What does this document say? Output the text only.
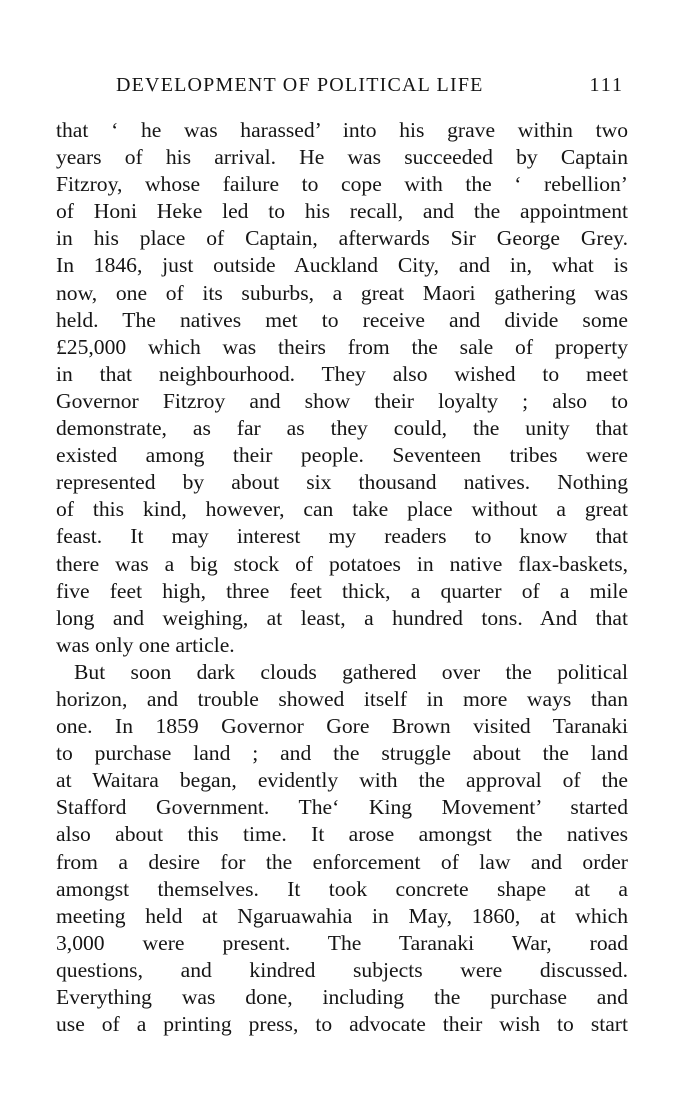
DEVELOPMENT OF POLITICAL LIFE	111
that ‘ he was harassed’ into his grave within two
years of his arrival. He was succeeded by Captain
Fitzroy, whose failure to cope with the ‘ rebellion’
of Honi Heke led to his recall, and the appointment
in his place of Captain, afterwards Sir George Grey.
In 1846, just outside Auckland City, and in, what is
now, one of its suburbs, a great Maori gathering was
held. The natives met to receive and divide some
£25,000 which was theirs from the sale of property
in that neighbourhood. They also wished to meet
Governor Fitzroy and show their loyalty ; also to
demonstrate, as far as they could, the unity that
existed among their people. Seventeen tribes were
represented by about six thousand natives. Nothing
of this kind, however, can take place without a great
feast. It may interest my readers to know that
there was a big stock of potatoes in native flax-baskets,
five feet high, three feet thick, a quarter of a mile
long and weighing, at least, a hundred tons. And that
was only one article.
But soon dark clouds gathered over the political
horizon, and trouble showed itself in more ways than
one. In 1859 Governor Gore Brown visited Taranaki
to purchase land ; and the struggle about the land
at Waitara began, evidently with the approval of the
Stafford Government. The‘ King Movement’ started
also about this time. It arose amongst the natives
from a desire for the enforcement of law and order
amongst themselves. It took concrete shape at a
meeting held at Ngaruawahia in May, 1860, at which
3,000 were present. The Taranaki War, road
questions, and kindred subjects were discussed.
Everything was done, including the purchase and
use of a printing press, to advocate their wish to start
